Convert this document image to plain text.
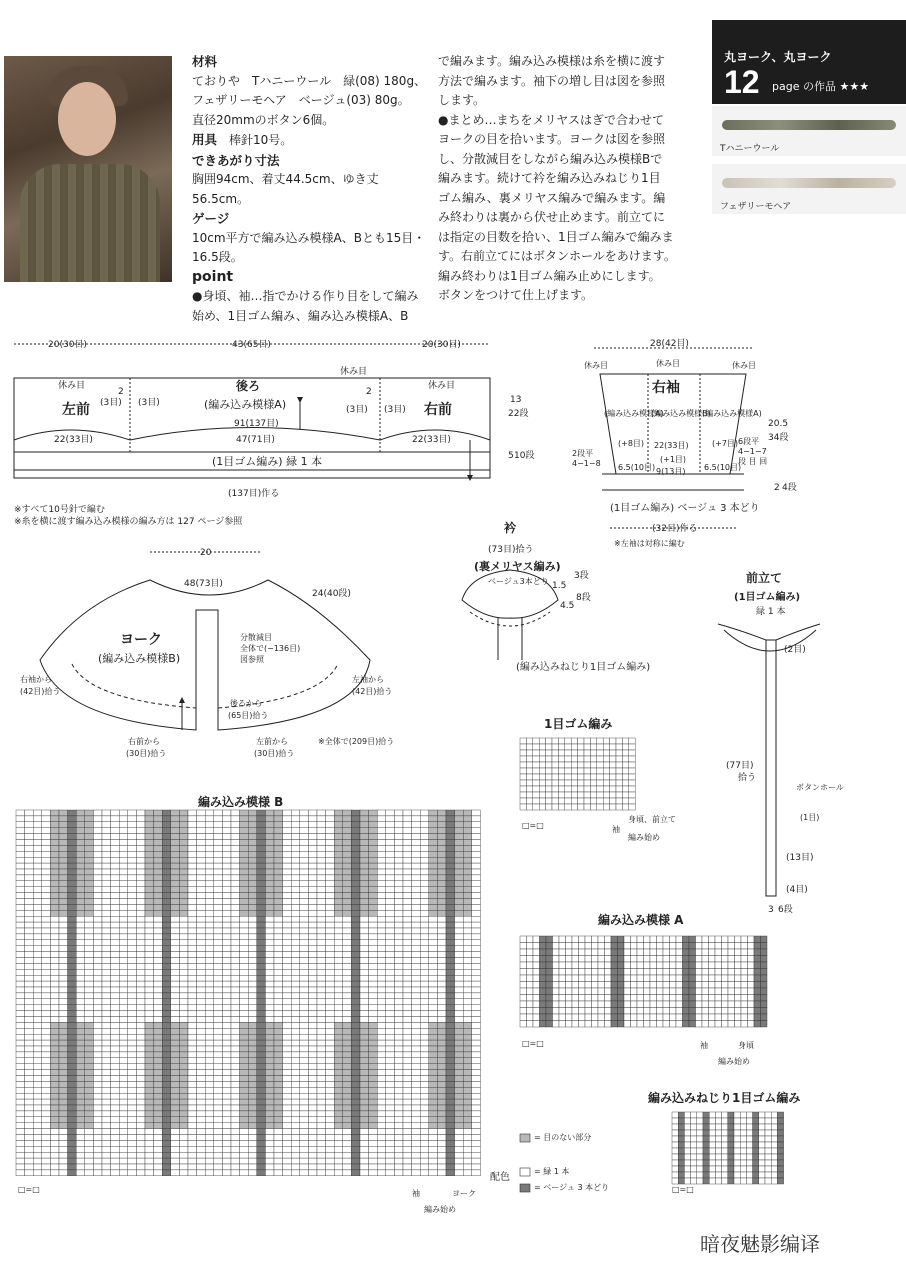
材料
ておりや　Tハニーウール　緑(08) 180g、
フェザリーモヘア　ベージュ(03) 80g。
直径20mmのボタン6個。
用具　 棒針10号。
できあがり寸法
胸囲94cm、着丈44.5cm、ゆき丈56.5cm。
ゲージ
10cm平方で編み込み模様A、Bとも15目・
16.5段。
point
●身頃、袖…指でかける作り目をして編み
始め、1目ゴム編み、編み込み模様A、B
で編みます。編み込み模様は糸を横に渡す
方法で編みます。袖下の増し目は図を参照
します。
●まとめ…まちをメリヤスはぎで合わせて
ヨークの目を拾います。ヨークは図を参照
し、分散減目をしながら編み込み模様Bで
編みます。続けて衿を編み込みねじり1目
ゴム編み、裏メリヤス編みで編みます。編
み終わりは裏から伏せ止めます。前立てに
は指定の目数を拾い、1目ゴム編みで編みま
す。右前立てにはボタンホールをあけます。
編み終わりは1目ゴム編み止めにします。
ボタンをつけて仕上げます。
丸ヨーク、丸ヨーク
12 page の作品 ★★★
Tハニーウール
フェザリーモヘア
20(30目)	43(65目)	20(30目)
休み目
休み目
休み目
左前
後ろ
(編み込み模様A)	右前
2
(3目) (3目)
2
(3目) (3目)
91(137目)
22(33目)	47(71目)	22(33目)
(1目ゴム編み) 緑 1 本
13
22段
5 10段
(137目)作る
※すべて10号針で編む
※糸を横に渡す編み込み模様の編み方は 127 ページ参照
28(42目)
休み目	休み目	休み目
右袖
(編み込み模様A)
(編み込み模様B)
(編み込み模様A)
(+8目)	(+7目)
22(33目)
(+1目)
9(13目)
6.5(10目)	6.5(10目)
2段平
4−1−8
6段平
4−1−7
段 目 回
20.5
34段
2 4段
(1目ゴム編み) ベージュ 3 本どり
(32目)作る
※左袖は対称に編む
20
48(73目)
24(40段)
ヨーク
(編み込み模様B)
分散減目
全体で(−136目)
図参照
右袖から
(42目)拾う
左袖から
(42目)拾う
後ろから
(65目)拾う
右前から
(30目)拾う
左前から
(30目)拾う
※全体で(209目)拾う
衿
(73目)拾う
(裏メリヤス編み)
ベージュ3本どり 1.5
3段
4.5
8段
(編み込みねじり1目ゴム編み)
前立て
(1目ゴム編み)
緑 1 本
(2目)
(77目)
拾う
ボタンホール
(1目)
(13目)
(4目)
3 6段
1目ゴム編み
身頃、前立て
編み始め
袖
編み込み模様 A
袖	身頃
編み始め
編み込み模様 B
袖	ヨーク
編み始め
編み込みねじり1目ゴム編み
= 目のない部分
配色
= 緑 1 本
= ベージュ 3 本どり
□=□
□=□
□=□
□=□
暗夜魅影编译
